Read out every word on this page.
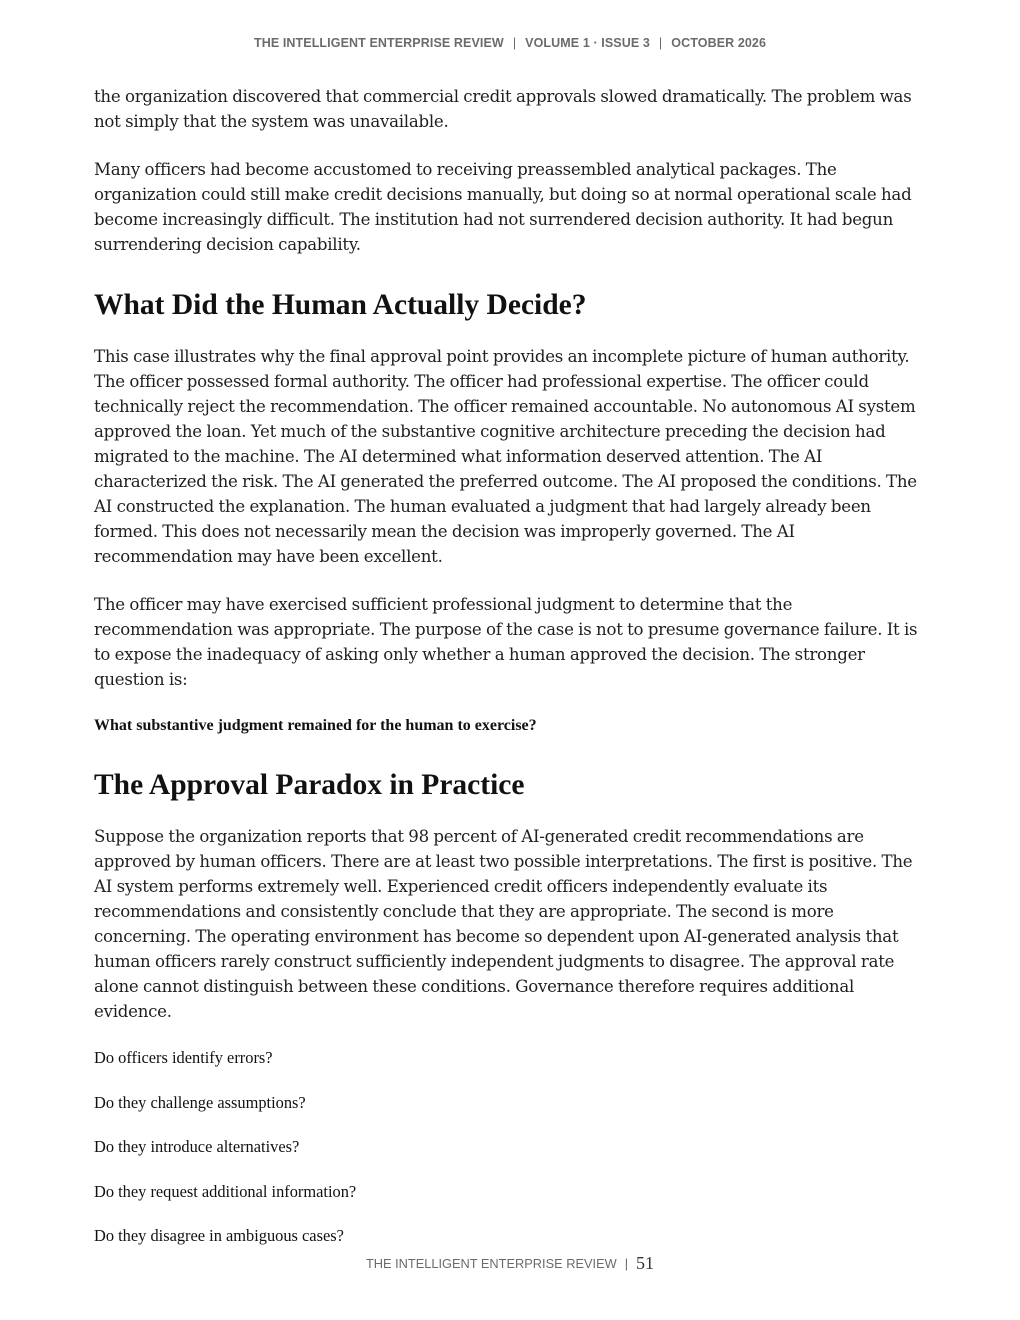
THE INTELLIGENT ENTERPRISE REVIEW | VOLUME 1 · ISSUE 3 | OCTOBER 2026

the organization discovered that commercial credit approvals slowed dramatically. The problem was not simply that the system was unavailable.

Many officers had become accustomed to receiving preassembled analytical packages. The organization could still make credit decisions manually, but doing so at normal operational scale had become increasingly difficult. The institution had not surrendered decision authority. It had begun surrendering decision capability.

What Did the Human Actually Decide?

This case illustrates why the final approval point provides an incomplete picture of human authority. The officer possessed formal authority. The officer had professional expertise. The officer could technically reject the recommendation. The officer remained accountable. No autonomous AI system approved the loan. Yet much of the substantive cognitive architecture preceding the decision had migrated to the machine. The AI determined what information deserved attention. The AI characterized the risk. The AI generated the preferred outcome. The AI proposed the conditions. The AI constructed the explanation. The human evaluated a judgment that had largely already been formed. This does not necessarily mean the decision was improperly governed. The AI recommendation may have been excellent.

The officer may have exercised sufficient professional judgment to determine that the recommendation was appropriate. The purpose of the case is not to presume governance failure. It is to expose the inadequacy of asking only whether a human approved the decision. The stronger question is:

What substantive judgment remained for the human to exercise?
The Approval Paradox in Practice

Suppose the organization reports that 98 percent of AI-generated credit recommendations are approved by human officers. There are at least two possible interpretations. The first is positive. The AI system performs extremely well. Experienced credit officers independently evaluate its recommendations and consistently conclude that they are appropriate. The second is more concerning. The operating environment has become so dependent upon AI-generated analysis that human officers rarely construct sufficiently independent judgments to disagree. The approval rate alone cannot distinguish between these conditions. Governance therefore requires additional evidence.

Do officers identify errors?
Do they challenge assumptions?
Do they introduce alternatives?
Do they request additional information?
Do they disagree in ambiguous cases?
THE INTELLIGENT ENTERPRISE REVIEW | 51
